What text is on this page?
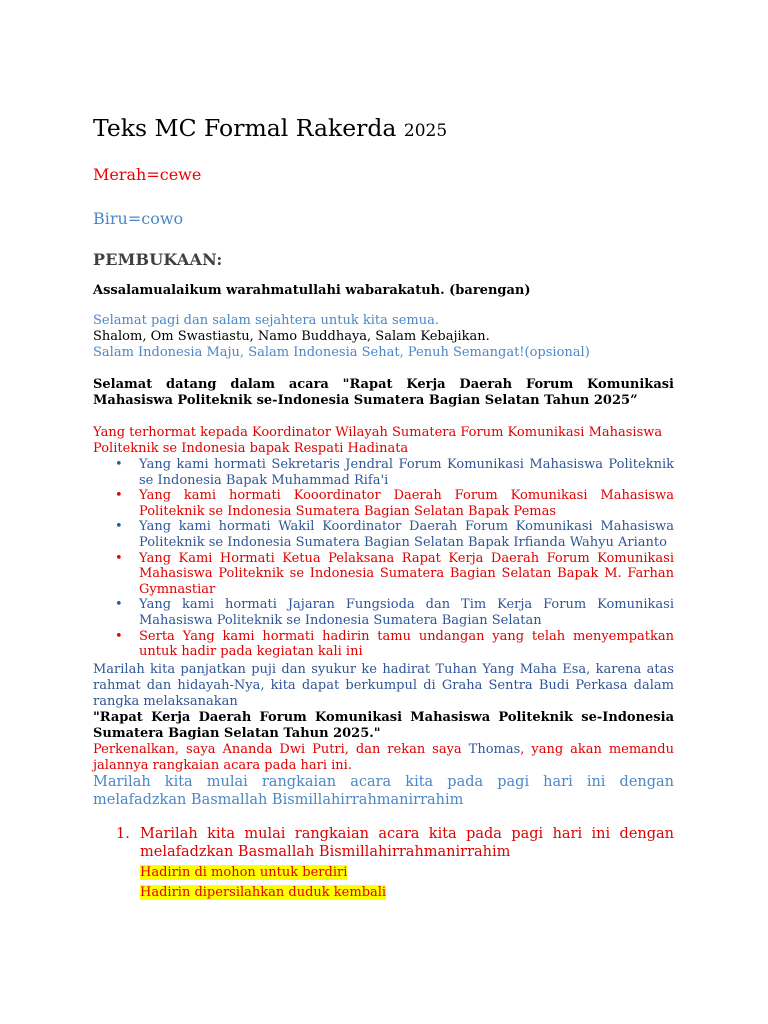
Teks MC Formal Rakerda 2025

Merah=cewe

Biru=cowo

PEMBUKAAN:

Assalamualaikum warahmatullahi wabarakatuh. (barengan)

Selamat pagi dan salam sejahtera untuk kita semua.
Shalom, Om Swastiastu, Namo Buddhaya, Salam Kebajikan.
Salam Indonesia Maju, Salam Indonesia Sehat, Penuh Semangat!(opsional)

Selamat datang dalam acara "Rapat Kerja Daerah Forum Komunikasi Mahasiswa Politeknik se-Indonesia Sumatera Bagian Selatan Tahun 2025”

Yang terhormat kepada Koordinator Wilayah Sumatera Forum Komunikasi Mahasiswa Politeknik se Indonesia bapak Respati Hadinata

• Yang kami hormati Sekretaris Jendral Forum Komunikasi Mahasiswa Politeknik se Indonesia Bapak Muhammad Rifa'i
• Yang kami hormati Kooordinator Daerah Forum Komunikasi Mahasiswa Politeknik se Indonesia Sumatera Bagian Selatan Bapak Pemas
• Yang kami hormati Wakil Koordinator Daerah Forum Komunikasi Mahasiswa Politeknik se Indonesia Sumatera Bagian Selatan Bapak Irfianda Wahyu Arianto
• Yang Kami Hormati Ketua Pelaksana Rapat Kerja Daerah Forum Komunikasi Mahasiswa Politeknik se Indonesia Sumatera Bagian Selatan Bapak M. Farhan Gymnastiar
• Yang kami hormati Jajaran Fungsioda dan Tim Kerja Forum Komunikasi Mahasiswa Politeknik se Indonesia Sumatera Bagian Selatan
• Serta Yang kami hormati hadirin tamu undangan yang telah menyempatkan untuk hadir pada kegiatan kali ini
Marilah kita panjatkan puji dan syukur ke hadirat Tuhan Yang Maha Esa, karena atas rahmat dan hidayah-Nya, kita dapat berkumpul di Graha Sentra Budi Perkasa dalam rangka melaksanakan
"Rapat Kerja Daerah Forum Komunikasi Mahasiswa Politeknik se-Indonesia Sumatera Bagian Selatan Tahun 2025."
Perkenalkan, saya Ananda Dwi Putri, dan rekan saya Thomas, yang akan memandu jalannya rangkaian acara pada hari ini.

Marilah kita mulai rangkaian acara kita pada pagi hari ini dengan melafadzkan Basmallah Bismillahirrahmanirrahim

1. Marilah kita mulai rangkaian acara kita pada pagi hari ini dengan melafadzkan Basmallah Bismillahirrahmanirrahim

Hadirin di mohon untuk berdiri
Hadirin dipersilahkan duduk kembali
